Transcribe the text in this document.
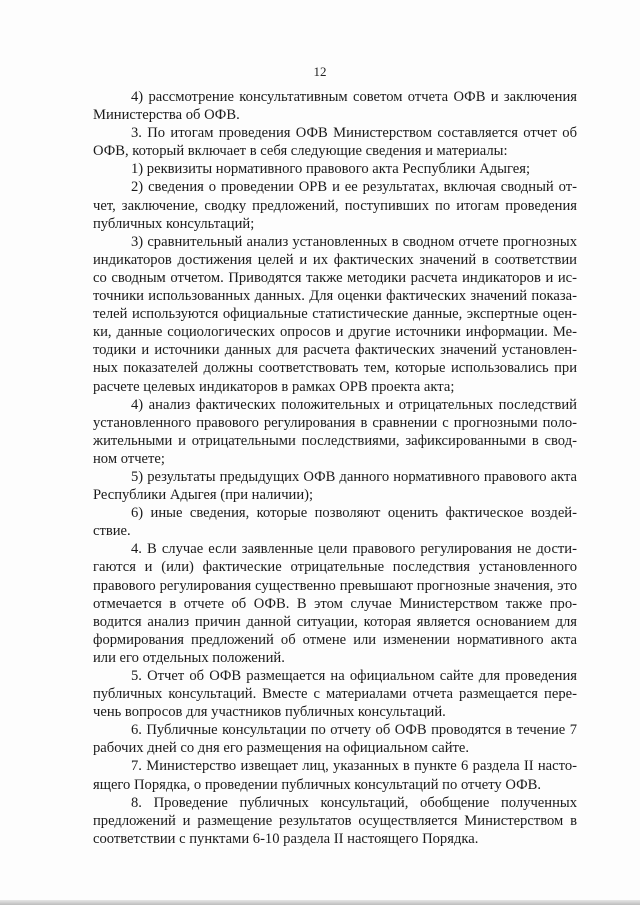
12

4) рассмотрение консультативным советом отчета ОФВ и заключения Министерства об ОФВ.

3. По итогам проведения ОФВ Министерством составляется отчет об ОФВ, который включает в себя следующие сведения и материалы:

1) реквизиты нормативного правового акта Республики Адыгея;

2) сведения о проведении ОРВ и ее результатах, включая сводный отчет, заключение, сводку предложений, поступивших по итогам проведения публичных консультаций;

3) сравнительный анализ установленных в сводном отчете прогнозных индикаторов достижения целей и их фактических значений в соответствии со сводным отчетом. Приводятся также методики расчета индикаторов и источники использованных данных. Для оценки фактических значений показателей используются официальные статистические данные, экспертные оценки, данные социологических опросов и другие источники информации. Методики и источники данных для расчета фактических значений установленных показателей должны соответствовать тем, которые использовались при расчете целевых индикаторов в рамках ОРВ проекта акта;

4) анализ фактических положительных и отрицательных последствий установленного правового регулирования в сравнении с прогнозными положительными и отрицательными последствиями, зафиксированными в сводном отчете;

5) результаты предыдущих ОФВ данного нормативного правового акта Республики Адыгея (при наличии);

6) иные сведения, которые позволяют оценить фактическое воздействие.

4. В случае если заявленные цели правового регулирования не достигаются и (или) фактические отрицательные последствия установленного правового регулирования существенно превышают прогнозные значения, это отмечается в отчете об ОФВ. В этом случае Министерством также проводится анализ причин данной ситуации, которая является основанием для формирования предложений об отмене или изменении нормативного акта или его отдельных положений.

5. Отчет об ОФВ размещается на официальном сайте для проведения публичных консультаций. Вместе с материалами отчета размещается перечень вопросов для участников публичных консультаций.

6. Публичные консультации по отчету об ОФВ проводятся в течение 7 рабочих дней со дня его размещения на официальном сайте.

7. Министерство извещает лиц, указанных в пункте 6 раздела II настоящего Порядка, о проведении публичных консультаций по отчету ОФВ.

8. Проведение публичных консультаций, обобщение полученных предложений и размещение результатов осуществляется Министерством в соответствии с пунктами 6-10 раздела II настоящего Порядка.
